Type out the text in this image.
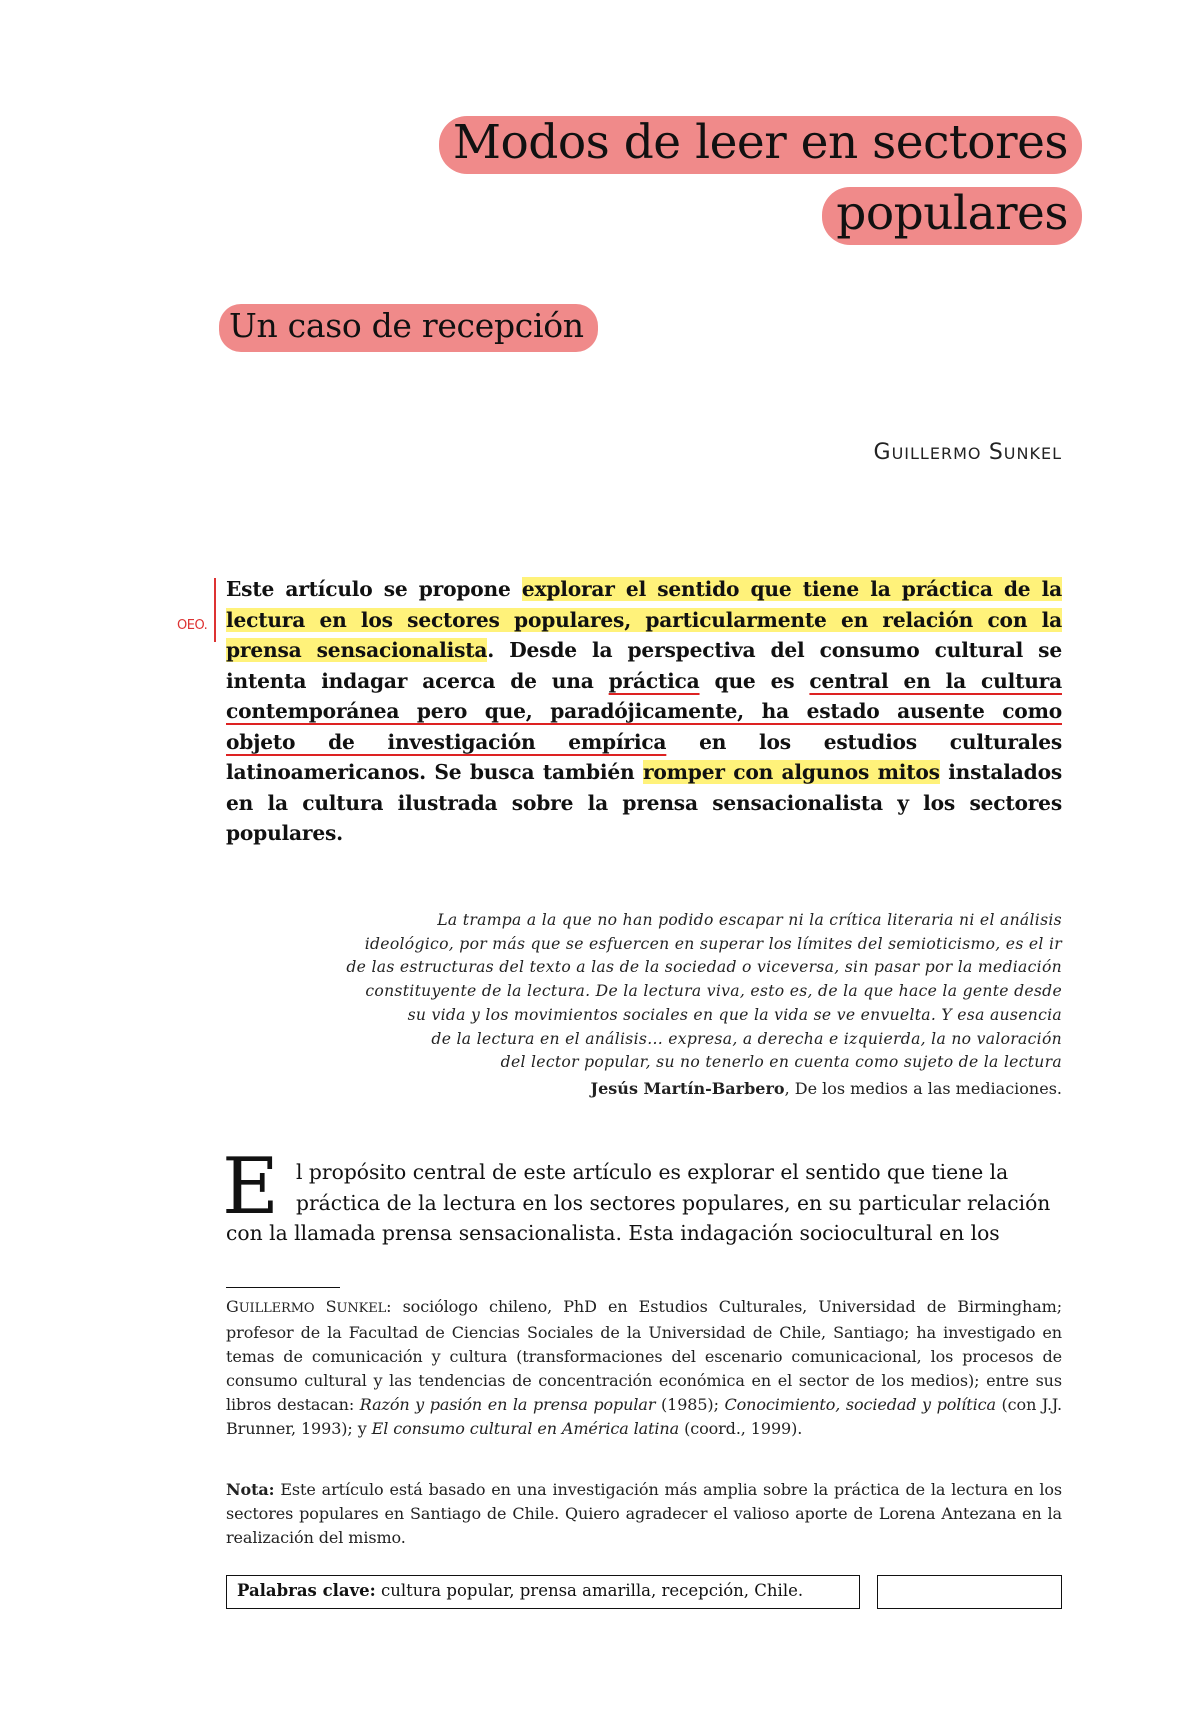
Modos de leer en sectores
populares
Un caso de recepción
GUILLERMO SUNKEL
OEO.
Este artículo se propone explorar el sentido que tiene la práctica de la lectura en los sectores populares, particularmente en relación con la prensa sensacionalista. Desde la perspectiva del consumo cultural se intenta indagar acerca de una práctica que es central en la cultura contemporánea pero que, paradójicamente, ha estado ausente como objeto de investigación empírica en los estudios culturales latinoamericanos. Se busca también romper con algunos mitos instalados en la cultura ilustrada sobre la prensa sensacionalista y los sectores populares.
La trampa a la que no han podido escapar ni la crítica literaria ni el análisis
ideológico, por más que se esfuercen en superar los límites del semioticismo, es el ir
de las estructuras del texto a las de la sociedad o viceversa, sin pasar por la mediación
constituyente de la lectura. De la lectura viva, esto es, de la que hace la gente desde
su vida y los movimientos sociales en que la vida se ve envuelta. Y esa ausencia
de la lectura en el análisis... expresa, a derecha e izquierda, la no valoración
del lector popular, su no tenerlo en cuenta como sujeto de la lectura
Jesús Martín-Barbero, De los medios a las mediaciones.
E l propósito central de este artículo es explorar el sentido que tiene la
práctica de la lectura en los sectores populares, en su particular relación
con la llamada prensa sensacionalista. Esta indagación sociocultural en los
GUILLERMO SUNKEL: sociólogo chileno, PhD en Estudios Culturales, Universidad de Birmingham; profesor de la Facultad de Ciencias Sociales de la Universidad de Chile, Santiago; ha investigado en temas de comunicación y cultura (transformaciones del escenario comunicacional, los procesos de consumo cultural y las tendencias de concentración económica en el sector de los medios); entre sus libros destacan: Razón y pasión en la prensa popular (1985); Conocimiento, sociedad y política (con J.J. Brunner, 1993); y El consumo cultural en América latina (coord., 1999).
Nota: Este artículo está basado en una investigación más amplia sobre la práctica de la lectura en los sectores populares en Santiago de Chile. Quiero agradecer el valioso aporte de Lorena Antezana en la realización del mismo.
Palabras clave: cultura popular, prensa amarilla, recepción, Chile.
